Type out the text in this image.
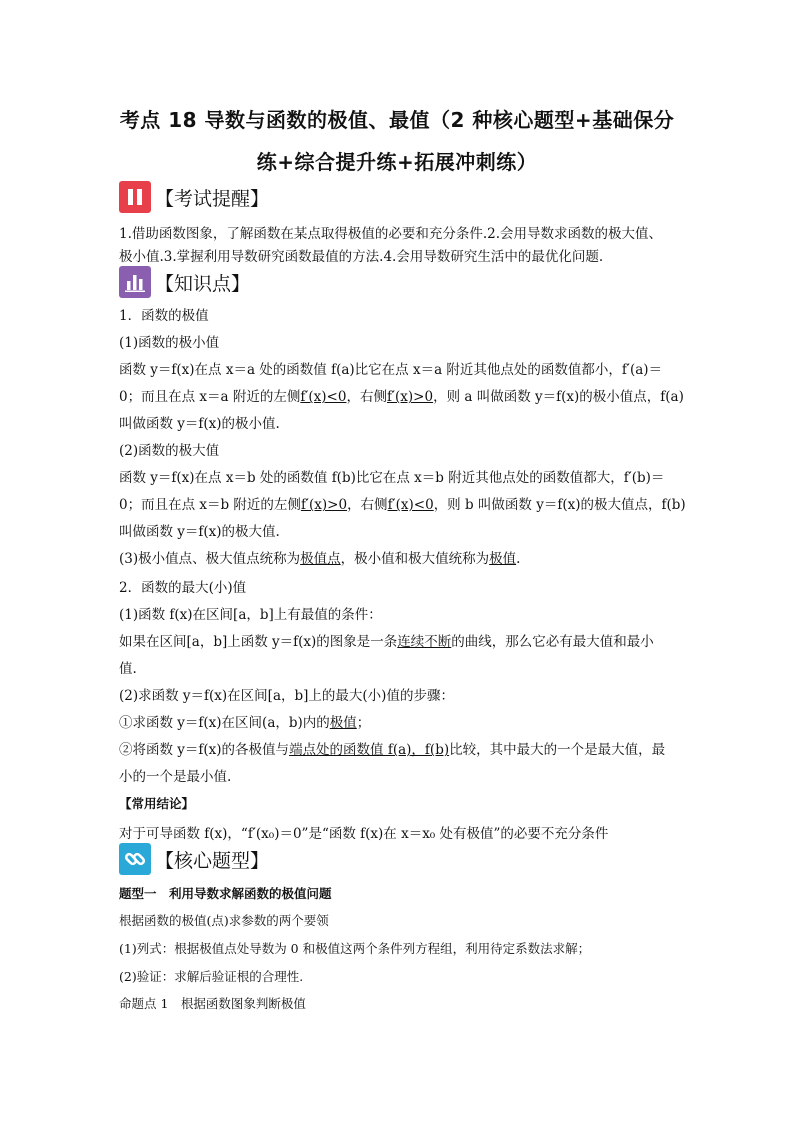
考点 18 导数与函数的极值、最值（2 种核心题型+基础保分
练+综合提升练+拓展冲刺练）
【考试提醒】
1.借助函数图象，了解函数在某点取得极值的必要和充分条件.2.会用导数求函数的极大值、
极小值.3.掌握利用导数研究函数最值的方法.4.会用导数研究生活中的最优化问题.
【知识点】
1．函数的极值
(1)函数的极小值
函数 y＝f(x)在点 x＝a 处的函数值 f(a)比它在点 x＝a 附近其他点处的函数值都小，f′(a)＝
0；而且在点 x＝a 附近的左侧f′(x)<0，右侧f′(x)>0，则 a 叫做函数 y＝f(x)的极小值点，f(a)
叫做函数 y＝f(x)的极小值.
(2)函数的极大值
函数 y＝f(x)在点 x＝b 处的函数值 f(b)比它在点 x＝b 附近其他点处的函数值都大，f′(b)＝
0；而且在点 x＝b 附近的左侧f′(x)>0，右侧f′(x)<0，则 b 叫做函数 y＝f(x)的极大值点，f(b)
叫做函数 y＝f(x)的极大值.
(3)极小值点、极大值点统称为极值点，极小值和极大值统称为极值.
2．函数的最大(小)值
(1)函数 f(x)在区间[a，b]上有最值的条件：
如果在区间[a，b]上函数 y＝f(x)的图象是一条连续不断的曲线，那么它必有最大值和最小
值.
(2)求函数 y＝f(x)在区间[a，b]上的最大(小)值的步骤：
①求函数 y＝f(x)在区间(a，b)内的极值；
②将函数 y＝f(x)的各极值与端点处的函数值 f(a)，f(b)比较，其中最大的一个是最大值，最
小的一个是最小值.
【常用结论】
对于可导函数 f(x)，“f′(x₀)＝0”是“函数 f(x)在 x＝x₀ 处有极值”的必要不充分条件
【核心题型】
题型一　利用导数求解函数的极值问题
根据函数的极值(点)求参数的两个要领
(1)列式：根据极值点处导数为 0 和极值这两个条件列方程组，利用待定系数法求解；
(2)验证：求解后验证根的合理性.
命题点 1　根据函数图象判断极值
